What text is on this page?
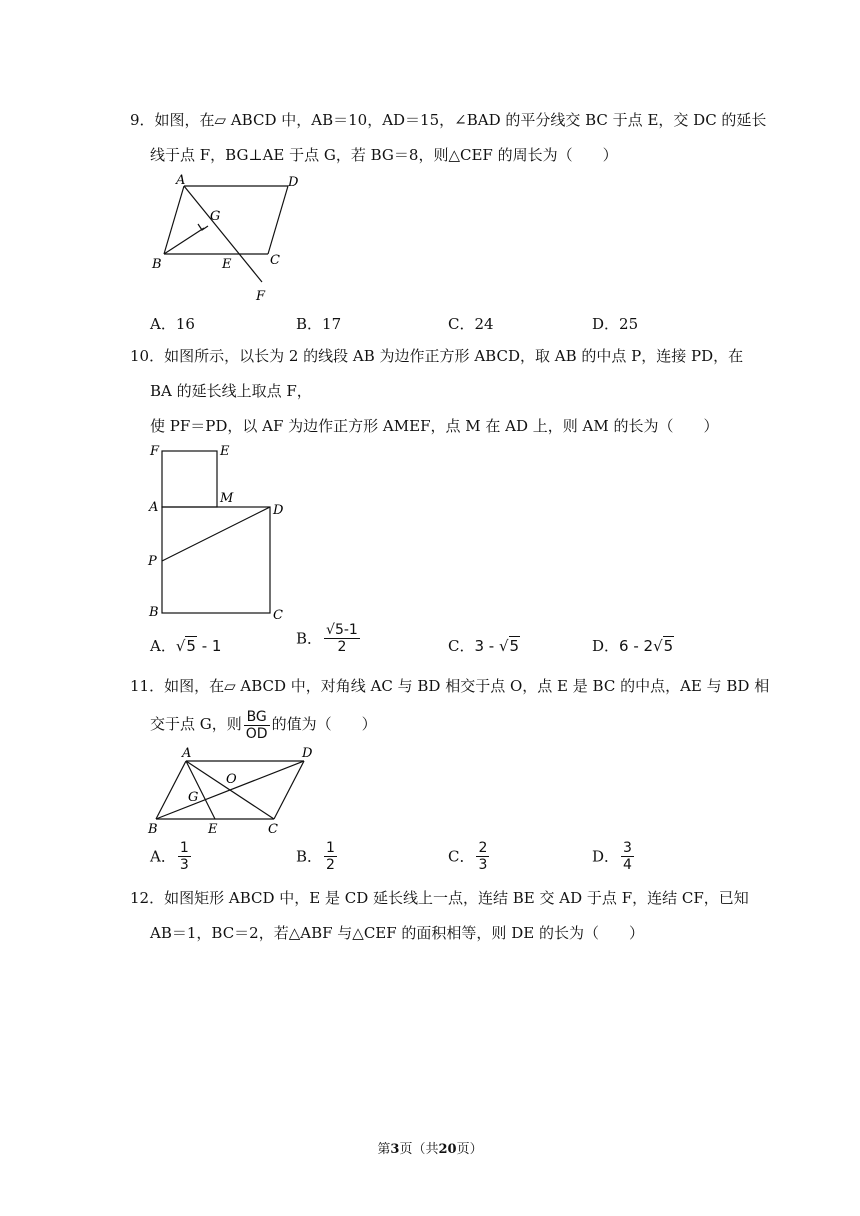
9．如图，在▱ ABCD 中，AB＝10，AD＝15，∠BAD 的平分线交 BC 于点 E，交 DC 的延长
线于点 F，BG⊥AE 于点 G，若 BG＝8，则△CEF 的周长为（　　）
A	D
G
B	E	C
F
A．16	B．17	C．24	D．25
10．如图所示，以长为 2 的线段 AB 为边作正方形 ABCD，取 AB 的中点 P，连接 PD，在
BA 的延长线上取点 F，
使 PF＝PD，以 AF 为边作正方形 AMEF，点 M 在 AD 上，则 AM 的长为（　　）
F	E
A
M
D
P
B	C
A．√5 - 1	B． $\frac{√5-1}{2}$	C．3 - √5	D．6 - 2√5
11．如图，在▱ ABCD 中，对角线 AC 与 BD 相交于点 O，点 E 是 BC 的中点，AE 与 BD 相
交于点 G，则 $\frac{BG}{OD}$ 的值为（　　）
A	D
O
G
B	E	C
A． $\frac{1}{3}$	B． $\frac{1}{2}$	C． $\frac{2}{3}$	D． $\frac{3}{4}$
12．如图矩形 ABCD 中，E 是 CD 延长线上一点，连结 BE 交 AD 于点 F，连结 CF，已知
AB＝1，BC＝2，若△ABF 与△CEF 的面积相等，则 DE 的长为（　　）
第3页（共20页）
